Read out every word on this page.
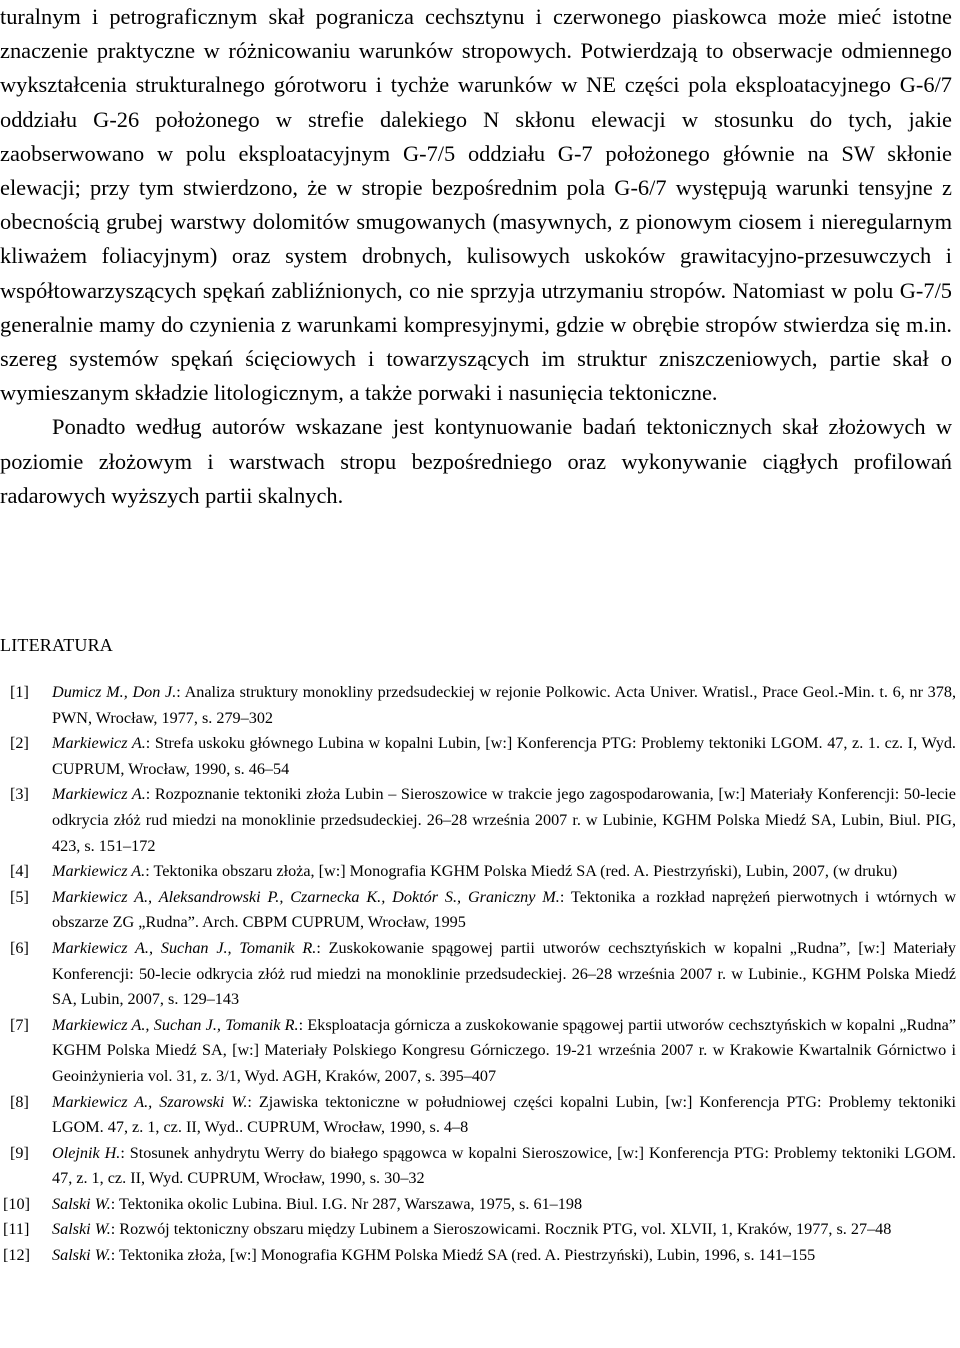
turalnym i petrograficznym skał pogranicza cechsztynu i czerwonego piaskowca może mieć istotne znaczenie praktyczne w różnicowaniu warunków stropowych. Potwierdzają to obserwacje odmiennego wykształcenia strukturalnego górotworu i tychże warunków w NE części pola eksploatacyjnego G-6/7 oddziału G-26 położonego w strefie dalekiego N skłonu elewacji w stosunku do tych, jakie zaobserwowano w polu eksploatacyjnym G-7/5 oddziału G-7 położonego głównie na SW skłonie elewacji; przy tym stwierdzono, że w stropie bezpośrednim pola G-6/7 występują warunki tensyjne z obecnością grubej warstwy dolomitów smugowanych (masywnych, z pionowym ciosem i nieregularnym kliważem foliacyjnym) oraz system drobnych, kulisowych uskoków grawitacyjno-przesuwczych i współtowarzyszących spękań zabliźnionych, co nie sprzyja utrzymaniu stropów. Natomiast w polu G-7/5 generalnie mamy do czynienia z warunkami kompresyjnymi, gdzie w obrębie stropów stwierdza się m.in. szereg systemów spękań ścięciowych i towarzyszących im struktur zniszczeniowych, partie skał o wymieszanym składzie litologicznym, a także porwaki i nasunięcia tektoniczne.

Ponadto według autorów wskazane jest kontynuowanie badań tektonicznych skał złożowych w poziomie złożowym i warstwach stropu bezpośredniego oraz wykonywanie ciągłych profilowań radarowych wyższych partii skalnych.

LITERATURA
[1] Dumicz M., Don J.: Analiza struktury monokliny przedsudeckiej w rejonie Polkowic. Acta Univer. Wratisl., Prace Geol.-Min. t. 6, nr 378, PWN, Wrocław, 1977, s. 279–302
[2] Markiewicz A.: Strefa uskoku głównego Lubina w kopalni Lubin, [w:] Konferencja PTG: Problemy tektoniki LGOM. 47, z. 1. cz. I, Wyd. CUPRUM, Wrocław, 1990, s. 46–54
[3] Markiewicz A.: Rozpoznanie tektoniki złoża Lubin – Sieroszowice w trakcie jego zagospodarowania, [w:] Materiały Konferencji: 50-lecie odkrycia złóż rud miedzi na monoklinie przedsudeckiej. 26–28 września 2007 r. w Lubinie, KGHM Polska Miedź SA, Lubin, Biul. PIG, 423, s. 151–172
[4] Markiewicz A.: Tektonika obszaru złoża, [w:] Monografia KGHM Polska Miedź SA (red. A. Piestrzyński), Lubin, 2007, (w druku)
[5] Markiewicz A., Aleksandrowski P., Czarnecka K., Doktór S., Graniczny M.: Tektonika a rozkład naprężeń pierwotnych i wtórnych w obszarze ZG „Rudna”. Arch. CBPM CUPRUM, Wrocław, 1995
[6] Markiewicz A., Suchan J., Tomanik R.: Zuskokowanie spągowej partii utworów cechsztyńskich w kopalni „Rudna”, [w:] Materiały Konferencji: 50-lecie odkrycia złóż rud miedzi na monoklinie przedsudeckiej. 26–28 września 2007 r. w Lubinie., KGHM Polska Miedź SA, Lubin, 2007, s. 129–143
[7] Markiewicz A., Suchan J., Tomanik R.: Eksploatacja górnicza a zuskokowanie spągowej partii utworów cechsztyńskich w kopalni „Rudna” KGHM Polska Miedź SA, [w:] Materiały Polskiego Kongresu Górniczego. 19-21 września 2007 r. w Krakowie Kwartalnik Górnictwo i Geoinżynieria vol. 31, z. 3/1, Wyd. AGH, Kraków, 2007, s. 395–407
[8] Markiewicz A., Szarowski W.: Zjawiska tektoniczne w południowej części kopalni Lubin, [w:] Konferencja PTG: Problemy tektoniki LGOM. 47, z. 1, cz. II, Wyd.. CUPRUM, Wrocław, 1990, s. 4–8
[9] Olejnik H.: Stosunek anhydrytu Werry do białego spągowca w kopalni Sieroszowice, [w:] Konferencja PTG: Problemy tektoniki LGOM. 47, z. 1, cz. II, Wyd. CUPRUM, Wrocław, 1990, s. 30–32
[10] Salski W.: Tektonika okolic Lubina. Biul. I.G. Nr 287, Warszawa, 1975, s. 61–198
[11] Salski W.: Rozwój tektoniczny obszaru między Lubinem a Sieroszowicami. Rocznik PTG, vol. XLVII, 1, Kraków, 1977, s. 27–48
[12] Salski W.: Tektonika złoża, [w:] Monografia KGHM Polska Miedź SA (red. A. Piestrzyński), Lubin, 1996, s. 141–155
